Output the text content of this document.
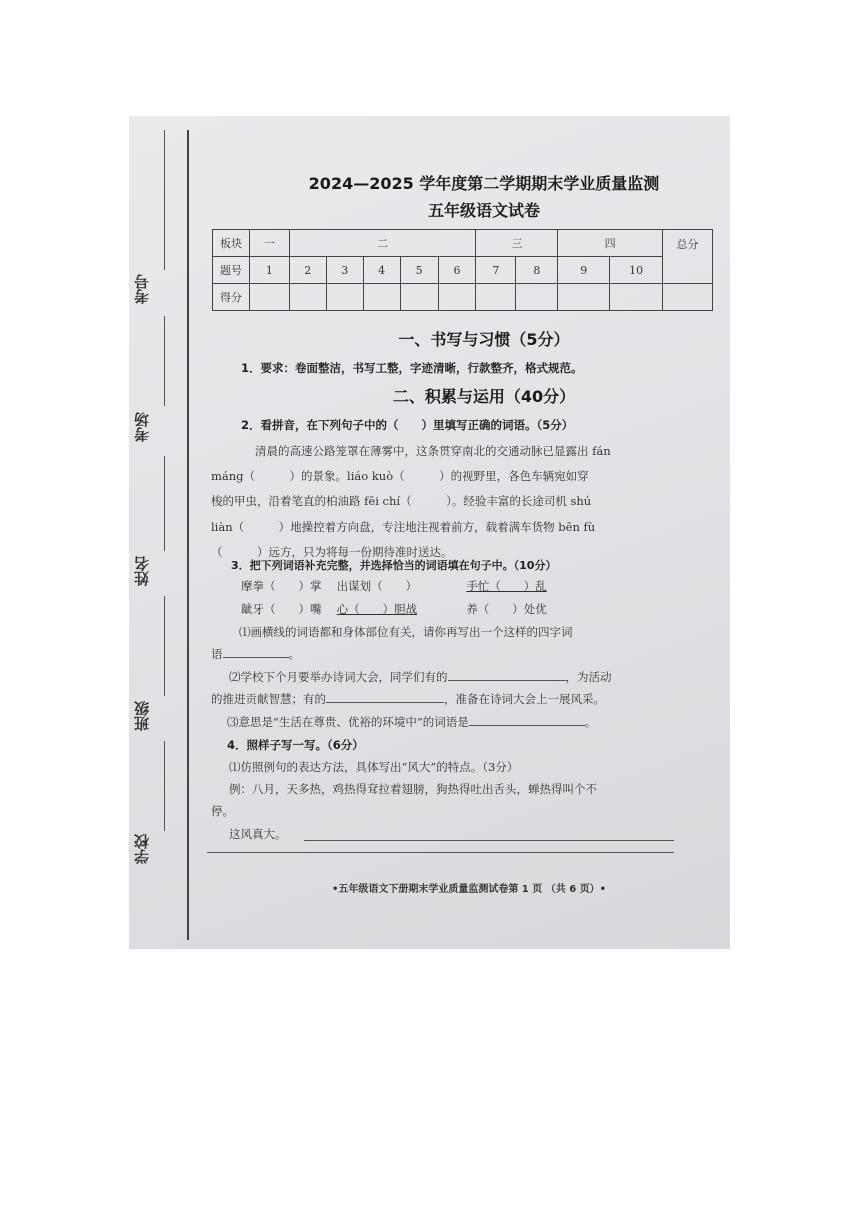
考号
考场
姓名
班级
学校
2024—2025 学年度第二学期期末学业质量监测
五年级语文试卷
板块	一	二					三		四		总分
题号	1	2	3	4	5	6	7	8	9	10	
得分											
一、书写与习惯（5分）
1．要求：卷面整洁，书写工整，字迹清晰，行款整齐，格式规范。
二、积累与运用（40分）
2．看拼音，在下列句子中的（　　）里填写正确的词语。（5分）
清晨的高速公路笼罩在薄雾中，这条贯穿南北的交通动脉已显露出 fán
máng（　　　）的景象。liáo kuò（　　　）的视野里，各色车辆宛如穿
梭的甲虫，沿着笔直的柏油路 fēi chí（　　　）。经验丰富的长途司机 shú
liàn（　　　）地操控着方向盘，专注地注视着前方，载着满车货物 bēn fù
（　　　）远方，只为将每一份期待准时送达。
3．把下列词语补充完整，并选择恰当的词语填在句子中。（10分）
摩拳（　　）掌 出谋划（　　）	手忙（　　）乱
龇牙（　　）嘴 心（　　）胆战	养（　　）处优
⑴画横线的词语都和身体部位有关，请你再写出一个这样的四字词
语	。
⑵学校下个月要举办诗词大会，同学们有的	，为活动
的推进贡献智慧；有的	，准备在诗词大会上一展风采。
⑶意思是“生活在尊贵、优裕的环境中”的词语是	。
4．照样子写一写。（6分）
⑴仿照例句的表达方法，具体写出“风大”的特点。（3分）
例：八月，天多热，鸡热得耷拉着翅膀，狗热得吐出舌头，蝉热得叫个不
停。
这风真大。
•五年级语文下册期末学业质量监测试卷第 1 页 （共 6 页）•
